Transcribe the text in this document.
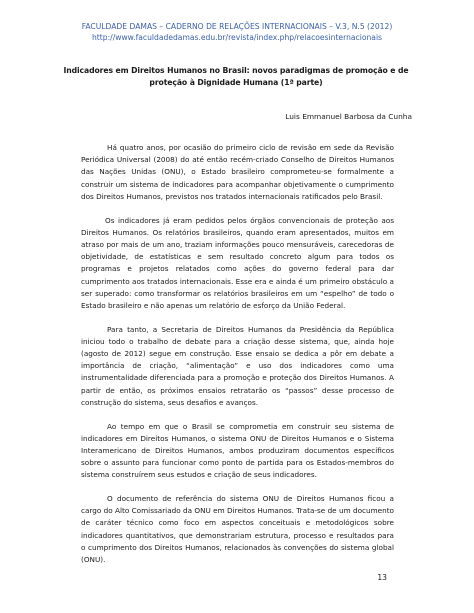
FACULDADE DAMAS – CADERNO DE RELAÇÕES INTERNACIONAIS – V.3, N.5 (2012)
http://www.faculdadedamas.edu.br/revista/index.php/relacoesinternacionais
Indicadores em Direitos Humanos no Brasil: novos paradigmas de promoção e de proteção à Dignidade Humana (1ª parte)
Luis Emmanuel Barbosa da Cunha

Há quatro anos, por ocasião do primeiro ciclo de revisão em sede da Revisão Periódica Universal (2008) do até então recém-criado Conselho de Direitos Humanos das Nações Unidas (ONU), o Estado brasileiro comprometeu-se formalmente a construir um sistema de indicadores para acompanhar objetivamente o cumprimento dos Direitos Humanos, previstos nos tratados internacionais ratificados pelo Brasil.

Os indicadores já eram pedidos pelos órgãos convencionais de proteção aos Direitos Humanos. Os relatórios brasileiros, quando eram apresentados, muitos em atraso por mais de um ano, traziam informações pouco mensuráveis, carecedoras de objetividade, de estatísticas e sem resultado concreto algum para todos os programas e projetos relatados como ações do governo federal para dar cumprimento aos tratados internacionais. Esse era e ainda é um primeiro obstáculo a ser superado: como transformar os relatórios brasileiros em um “espelho” de todo o Estado brasileiro e não apenas um relatório de esforço da União Federal.

Para tanto, a Secretaria de Direitos Humanos da Presidência da República iniciou todo o trabalho de debate para a criação desse sistema, que, ainda hoje (agosto de 2012) segue em construção. Esse ensaio se dedica a pôr em debate a importância de criação, “alimentação” e uso dos indicadores como uma instrumentalidade diferenciada para a promoção e proteção dos Direitos Humanos. A partir de então, os próximos ensaios retratarão os “passos” desse processo de construção do sistema, seus desafios e avanços.

Ao tempo em que o Brasil se comprometia em construir seu sistema de indicadores em Direitos Humanos, o sistema ONU de Direitos Humanos e o Sistema Interamericano de Direitos Humanos, ambos produziram documentos específicos sobre o assunto para funcionar como ponto de partida para os Estados-membros do sistema construírem seus estudos e criação de seus indicadores.

O documento de referência do sistema ONU de Direitos Humanos ficou a cargo do Alto Comissariado da ONU em Direitos Humanos. Trata-se de um documento de caráter técnico como foco em aspectos conceituais e metodológicos sobre indicadores quantitativos, que demonstrariam estrutura, processo e resultados para o cumprimento dos Direitos Humanos, relacionados às convenções do sistema global (ONU).

13
